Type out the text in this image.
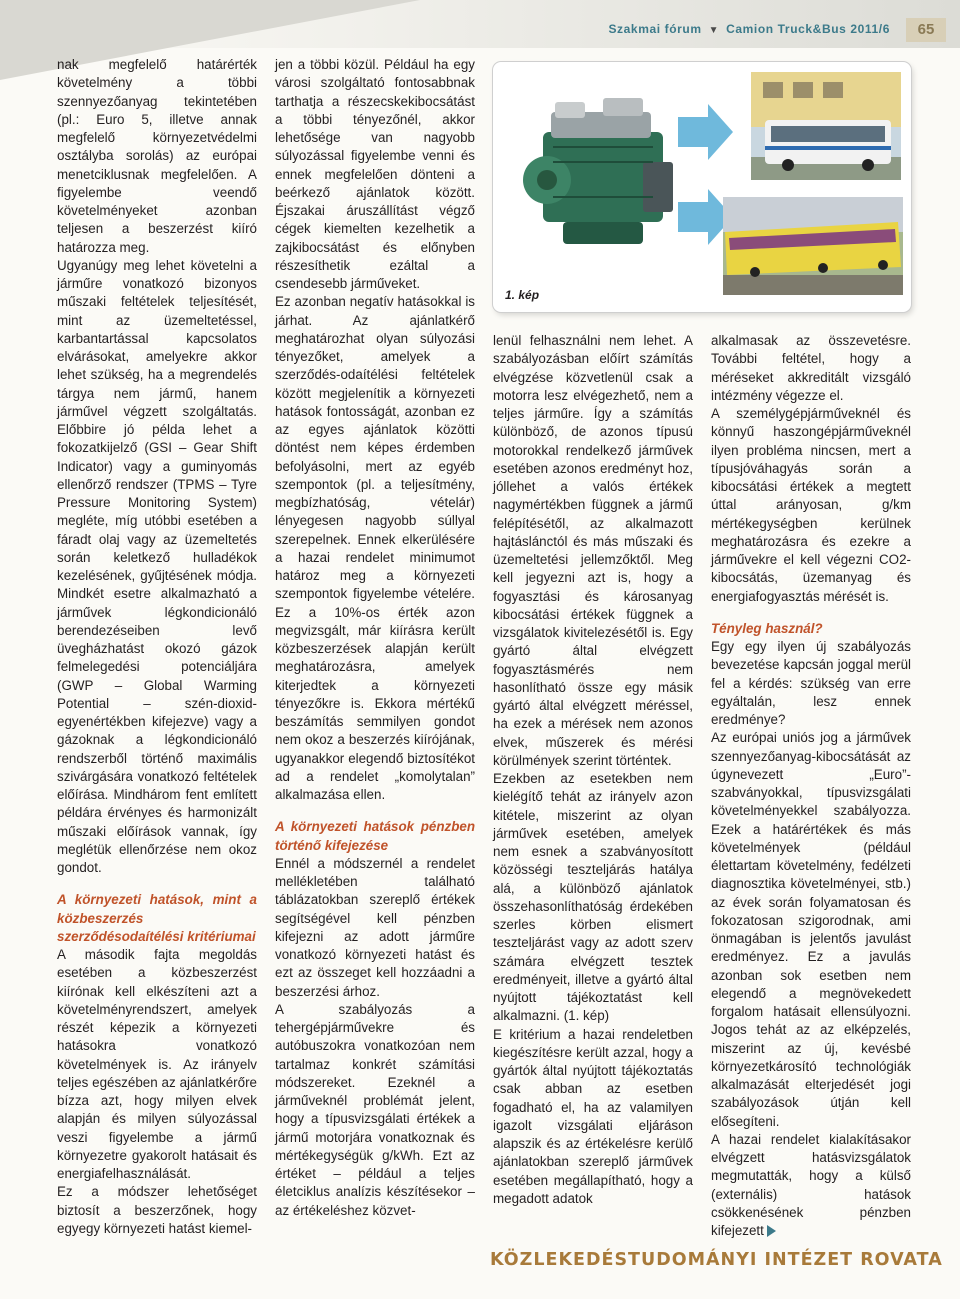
Szakmai fórum ▼ Camion Truck&Bus 2011/6	65

nak megfelelő határérték követelmény a többi szennyezőanyag tekintetében (pl.: Euro 5, illetve annak megfelelő környezetvédelmi osztályba sorolás) az európai menetciklusnak megfelelően. A figyelembe veendő követelményeket azonban teljesen a beszerzést kiíró határozza meg.

Ugyanúgy meg lehet követelni a járműre vonatkozó bizonyos műszaki feltételek teljesítését, mint az üzemeltetéssel, karbantartással kapcsolatos elvárásokat, amelyekre akkor lehet szükség, ha a megrendelés tárgya nem jármű, hanem járművel végzett szolgáltatás. Előbbire jó példa lehet a fokozatkijelző (GSI – Gear Shift Indicator) vagy a guminyomás ellenőrző rendszer (TPMS – Tyre Pressure Monitoring System) megléte, míg utóbbi esetében a fáradt olaj vagy az üzemeltetés során keletkező hulladékok kezelésének, gyűjtésének módja. Mindkét esetre alkalmazható a járművek légkondicionáló berendezéseiben levő üvegházhatást okozó gázok felmelegedési potenciáljára (GWP – Global Warming Potential – szén-dioxid-egyenértékben kifejezve) vagy a gázoknak a légkondicionáló rendszerből történő maximális szivárgására vonatkozó feltételek előírása. Mindhárom fent említett példára érvényes és harmonizált műszaki előírások vannak, így meglétük ellenőrzése nem okoz gondot.

A környezeti hatások, mint a közbeszerzés szerződésodaítélési kritériumai

A második fajta megoldás esetében a közbeszerzést kiírónak kell elkészíteni azt a követelményrendszert, amelyek részét képezik a környezeti hatásokra vonatkozó követelmények is. Az irányelv teljes egészében az ajánlatkérőre bízza azt, hogy milyen elvek alapján és milyen súlyozással veszi figyelembe a jármű környezetre gyakorolt hatásait és energiafelhasználását.

Ez a módszer lehetőséget biztosít a beszerzőnek, hogy egyegy környezeti hatást kiemel-

jen a többi közül. Például ha egy városi szolgáltató fontosabbnak tarthatja a részecskekibocsátást a többi tényezőnél, akkor lehetősége van nagyobb súlyozással figyelembe venni és ennek megfelelően dönteni a beérkező ajánlatok között. Éjszakai áruszállítást végző cégek kiemelten kezelhetik a zajkibocsátást és előnyben részesíthetik ezáltal a csendesebb járműveket.

Ez azonban negatív hatásokkal is járhat. Az ajánlatkérő meghatározhat olyan súlyozási tényezőket, amelyek a szerződés-odaítélési feltételek között megjelenítik a környezeti hatások fontosságát, azonban ez az egyes ajánlatok közötti döntést nem képes érdemben befolyásolni, mert az egyéb szempontok (pl. a teljesítmény, megbízhatóság, vételár) lényegesen nagyobb súllyal szerepelnek. Ennek elkerülésére a hazai rendelet minimumot határoz meg a környezeti szempontok figyelembe vételére. Ez a 10%-os érték azon megvizsgált, már kiírásra került közbeszerzések alapján került meghatározásra, amelyek kiterjedtek a környezeti tényezőkre is. Ekkora mértékű beszámítás semmilyen gondot nem okoz a beszerzés kiírójának, ugyanakkor elegendő biztosítékot ad a rendelet „komolytalan” alkalmazása ellen.

A környezeti hatások pénzben történő kifejezése

Ennél a módszernél a rendelet mellékletében található táblázatokban szereplő értékek segítségével kell pénzben kifejezni az adott járműre vonatkozó környezeti hatást és ezt az összeget kell hozzáadni a beszerzési árhoz.

A szabályozás a tehergépjárművekre és autóbuszokra vonatkozóan nem tartalmaz konkrét számítási módszereket. Ezeknél a járműveknél problémát jelent, hogy a típusvizsgálati értékek a jármű motorjára vonatkoznak és mértékegységük g/kWh. Ezt az értéket – például a teljes életciklus analízis készítésekor – az értékeléshez közvet-

1. kép

lenül felhasználni nem lehet. A szabályozásban előírt számítás elvégzése közvetlenül csak a motorra lesz elvégezhető, nem a teljes járműre. Így a számítás különböző, de azonos típusú motorokkal rendelkező járművek esetében azonos eredményt hoz, jóllehet a valós értékek nagymértékben függnek a jármű felépítésétől, az alkalmazott hajtáslánctól és más műszaki és üzemeltetési jellemzőktől. Meg kell jegyezni azt is, hogy a fogyasztási és károsanyag kibocsátási értékek függnek a vizsgálatok kivitelezésétől is. Egy gyártó által elvégzett fogyasztásmérés nem hasonlítható össze egy másik gyártó által elvégzett méréssel, ha ezek a mérések nem azonos elvek, műszerek és mérési körülmények szerint történtek.

Ezekben az esetekben nem kielégítő tehát az irányelv azon kitétele, miszerint az olyan járművek esetében, amelyek nem esnek a szabványosított közösségi teszteljárás hatálya alá, a különböző ajánlatok összehasonlíthatóság érdekében szerles körben elismert teszteljárást vagy az adott szerv számára elvégzett tesztek eredményeit, illetve a gyártó által nyújtott tájékoztatást kell alkalmazni. (1. kép)

E kritérium a hazai rendeletben kiegészítésre került azzal, hogy a gyártók által nyújtott tájékoztatás csak abban az esetben fogadható el, ha az valamilyen igazolt vizsgálati eljáráson alapszik és az értékelésre kerülő ajánlatokban szereplő járművek esetében megállapítható, hogy a megadott adatok

alkalmasak az összevetésre. További feltétel, hogy a méréseket akkreditált vizsgáló intézmény végezze el.

A személygépjárműveknél és könnyű haszongépjárműveknél ilyen probléma nincsen, mert a típusjóváhagyás során a kibocsátási értékek a megtett úttal arányosan, g/km mértékegységben kerülnek meghatározásra és ezekre a járművekre el kell végezni CO2-kibocsátás, üzemanyag és energiafogyasztás mérését is.

Tényleg használ?

Egy egy ilyen új szabályozás bevezetése kapcsán joggal merül fel a kérdés: szükség van erre egyáltalán, lesz ennek eredménye?

Az európai uniós jog a járművek szennyezőanyag-kibocsátását az úgynevezett „Euro”-szabványokkal, típusvizsgálati követelményekkel szabályozza. Ezek a határértékek és más követelmények (például élettartam követelmény, fedélzeti diagnosztika követelményei, stb.) az évek során folyamatosan és fokozatosan szigorodnak, ami önmagában is jelentős javulást eredményez. Ez a javulás azonban sok esetben nem elegendő a megnövekedett forgalom hatásait ellensúlyozni. Jogos tehát az az elképzelés, miszerint az új, kevésbé környezetkárosító technológiák alkalmazását elterjedését jogi szabályozások útján kell elősegíteni.

A hazai rendelet kialakításakor elvégzett hatásvizsgálatok megmutatták, hogy a külső (externális) hatások csökkenésének pénzben kifejezett

KÖZLEKEDÉSTUDOMÁNYI INTÉZET ROVATA
